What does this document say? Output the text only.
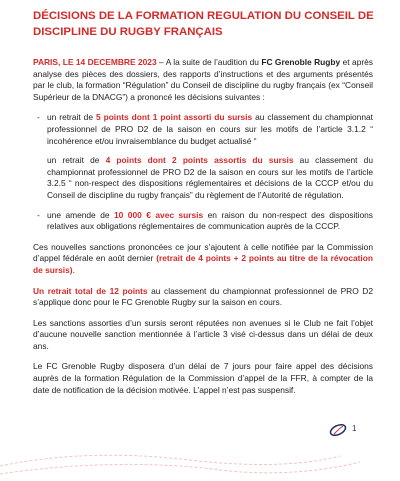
DÉCISIONS DE LA FORMATION REGULATION DU CONSEIL DE DISCIPLINE DU RUGBY FRANÇAIS

PARIS, LE 14 DECEMBRE 2023 – A la suite de l’audition du FC Grenoble Rugby et après analyse des pièces des dossiers, des rapports d’instructions et des arguments présentés par le club, la formation “Régulation” du Conseil de discipline du rugby français (ex “Conseil Supérieur de la DNACG”) a prononcé les décisions suivantes :

- un retrait de 5 points dont 1 point assorti du sursis au classement du championnat professionnel de PRO D2 de la saison en cours sur les motifs de l’article 3.1.2 “ incohérence et/ou invraisemblance du budget actualisé “
un retrait de 4 points dont 2 points assortis du sursis au classement du championnat professionnel de PRO D2 de la saison en cours sur les motifs de l’article 3.2.5 “ non-respect des dispositions réglementaires et décisions de la CCCP et/ou du Conseil de discipline du rugby français” du règlement de l’Autorité de régulation.
- une amende de 10 000 € avec sursis en raison du non-respect des dispositions relatives aux obligations réglementaires de communication auprès de la CCCP.

Ces nouvelles sanctions prononcées ce jour s’ajoutent à celle notifiée par la Commission d’appel fédérale en août dernier (retrait de 4 points + 2 points au titre de la révocation de sursis).

Un retrait total de 12 points au classement du championnat professionnel de PRO D2 s’applique donc pour le FC Grenoble Rugby sur la saison en cours.

Les sanctions assorties d’un sursis seront réputées non avenues si le Club ne fait l’objet d’aucune nouvelle sanction mentionnée à l’article 3 visé ci-dessus dans un délai de deux ans.

Le FC Grenoble Rugby disposera d’un délai de 7 jours pour faire appel des décisions auprès de la formation Régulation de la Commission d’appel de la FFR, à compter de la date de notification de la décision motivée. L’appel n’est pas suspensif.

1
